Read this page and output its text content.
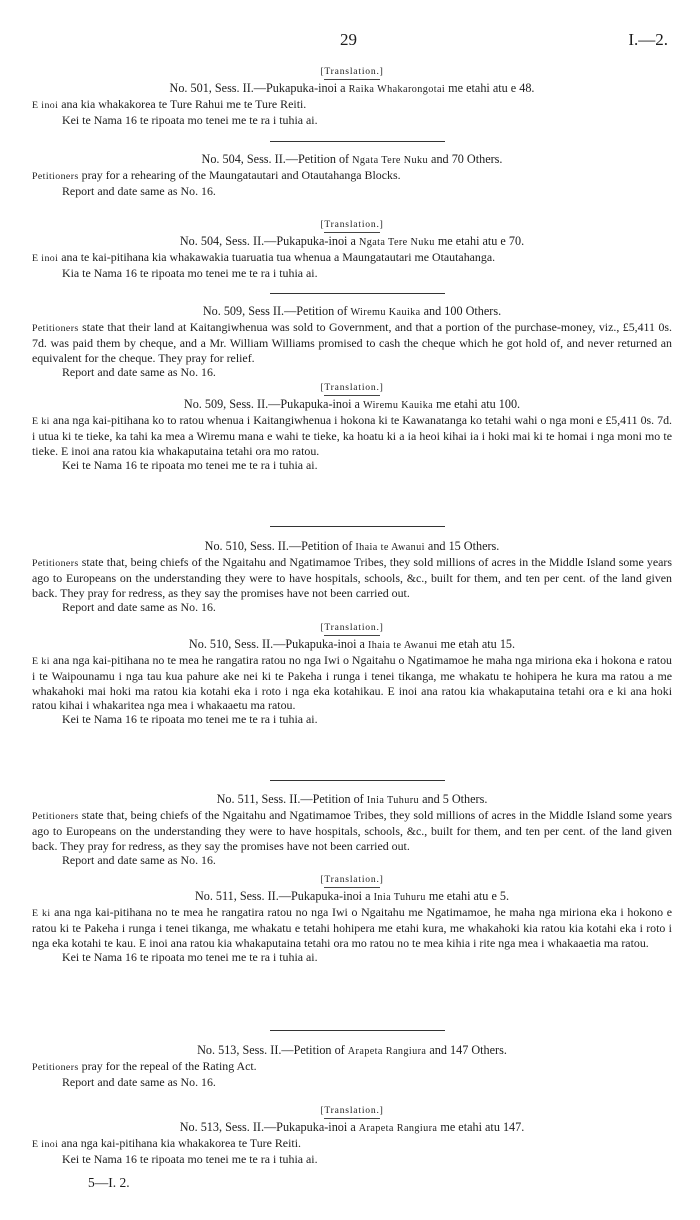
29	I.—2.
[Translation.]
No. 501, Sess. II.—Pukapuka-inoi a Raika Whakarongotai me etahi atu e 48.
E inoi ana kia whakakorea te Ture Rahui me te Ture Reiti.
Kei te Nama 16 te ripoata mo tenei me te ra i tuhia ai.
No. 504, Sess. II.—Petition of Ngata Tere Nuku and 70 Others.
Petitioners pray for a rehearing of the Maungatautari and Otautahanga Blocks.
Report and date same as No. 16.
[Translation.]
No. 504, Sess. II.—Pukapuka-inoi a Ngata Tere Nuku me etahi atu e 70.
E inoi ana te kai-pitihana kia whakawakia tuaruatia tua whenua a Maungatautari me Otautahanga.
Kia te Nama 16 te ripoata mo tenei me te ra i tuhia ai.
No. 509, Sess II.—Petition of Wiremu Kauika and 100 Others.
Petitioners state that their land at Kaitangiwhenua was sold to Government, and that a portion of the purchase-money, viz., £5,411 0s. 7d. was paid them by cheque, and a Mr. William Williams promised to cash the cheque which he got hold of, and never returned an equivalent for the cheque. They pray for relief.
Report and date same as No. 16.
[Translation.]
No. 509, Sess. II.—Pukapuka-inoi a Wiremu Kauika me etahi atu 100.
E ki ana nga kai-pitihana ko to ratou whenua i Kaitangiwhenua i hokona ki te Kawanatanga ko tetahi wahi o nga moni e £5,411 0s. 7d. i utua ki te tieke, ka tahi ka mea a Wiremu mana e wahi te tieke, ka hoatu ki a ia heoi kihai ia i hoki mai ki te homai i nga moni mo te tieke. E inoi ana ratou kia whakaputaina tetahi ora mo ratou.
Kei te Nama 16 te ripoata mo tenei me te ra i tuhia ai.
No. 510, Sess. II.—Petition of Ihaia te Awanui and 15 Others.
Petitioners state that, being chiefs of the Ngaitahu and Ngatimamoe Tribes, they sold millions of acres in the Middle Island some years ago to Europeans on the understanding they were to have hospitals, schools, &c., built for them, and ten per cent. of the land given back. They pray for redress, as they say the promises have not been carried out.
Report and date same as No. 16.
[Translation.]
No. 510, Sess. II.—Pukapuka-inoi a Ihaia te Awanui me etah atu 15.
E ki ana nga kai-pitihana no te mea he rangatira ratou no nga Iwi o Ngaitahu o Ngatimamoe he maha nga miriona eka i hokona e ratou i te Waipounamu i nga tau kua pahure ake nei ki te Pakeha i runga i tenei tikanga, me whakatu te hohipera he kura ma ratou a me whakahoki mai hoki ma ratou kia kotahi eka i roto i nga eka kotahikau. E inoi ana ratou kia whakaputaina tetahi ora e ki ana hoki ratou kihai i whakaritea nga mea i whakaaetu ma ratou.
Kei te Nama 16 te ripoata mo tenei me te ra i tuhia ai.
No. 511, Sess. II.—Petition of Inia Tuhuru and 5 Others.
Petitioners state that, being chiefs of the Ngaitahu and Ngatimamoe Tribes, they sold millions of acres in the Middle Island some years ago to Europeans on the understanding they were to have hospitals, schools, &c., built for them, and ten per cent. of the land given back. They pray for redress, as they say the promises have not been carried out.
Report and date same as No. 16.
[Translation.]
No. 511, Sess. II.—Pukapuka-inoi a Inia Tuhuru me etahi atu e 5.
E ki ana nga kai-pitihana no te mea he rangatira ratou no nga Iwi o Ngaitahu me Ngatimamoe, he maha nga miriona eka i hokono e ratou ki te Pakeha i runga i tenei tikanga, me whakatu e tetahi hohipera me etahi kura, me whakahoki kia ratou kia kotahi eka i roto i nga eka kotahi te kau. E inoi ana ratou kia whakaputaina tetahi ora mo ratou no te mea kihia i rite nga mea i whakaaetia ma ratou.
Kei te Nama 16 te ripoata mo tenei me te ra i tuhia ai.
No. 513, Sess. II.—Petition of Arapeta Rangiura and 147 Others.
Petitioners pray for the repeal of the Rating Act.
Report and date same as No. 16.
[Translation.]
No. 513, Sess. II.—Pukapuka-inoi a Arapeta Rangiura me etahi atu 147.
E inoi ana nga kai-pitihana kia whakakorea te Ture Reiti.
Kei te Nama 16 te ripoata mo tenei me te ra i tuhia ai.
5—I. 2.
